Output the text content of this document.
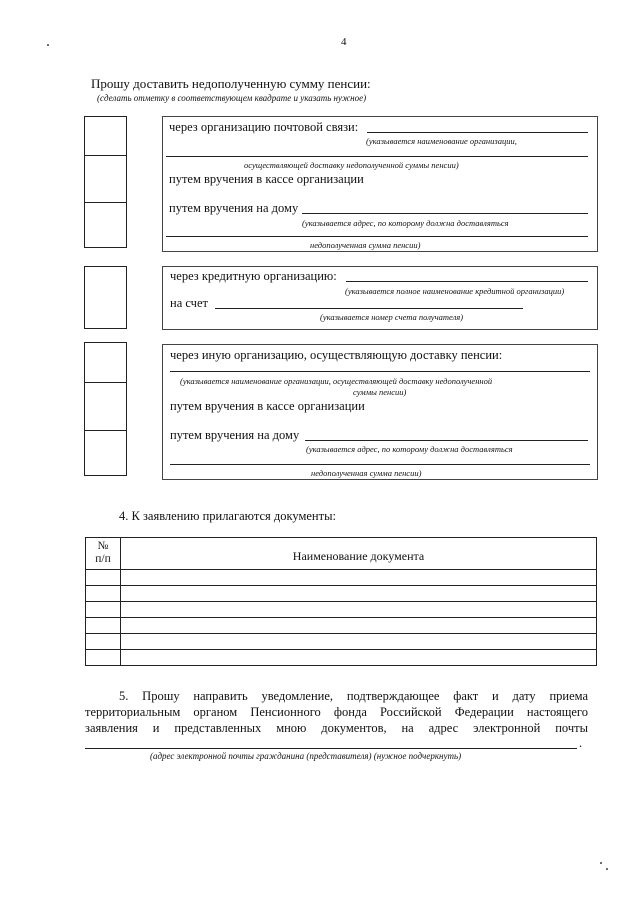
4
Прошу доставить недополученную сумму пенсии:
(сделать отметку в соответствующем квадрате и указать нужное)
через организацию почтовой связи:
(указывается наименование организации,
осуществляющей доставку недополученной суммы пенсии)
путем вручения в кассе организации
путем вручения на дому
(указывается адрес, по которому должна доставляться
недополученная сумма пенсии)
через кредитную организацию:
(указывается полное наименование кредитной организации)
на счет
(указывается номер счета получателя)
через иную организацию, осуществляющую доставку пенсии:
(указывается наименование организации, осуществляющей доставку недополученной
суммы пенсии)
путем вручения в кассе организации
путем вручения на дому
(указывается адрес, по которому должна доставляться
недополученная сумма пенсии)
4. К заявлению прилагаются документы:
№
п/п	Наименование документа

5. Прошу направить уведомление, подтверждающее факт и дату приема
территориальным органом Пенсионного фонда Российской Федерации настоящего
заявления и представленных мною документов, на адрес электронной почты
.
(адрес электронной почты гражданина (представителя) (нужное подчеркнуть)
